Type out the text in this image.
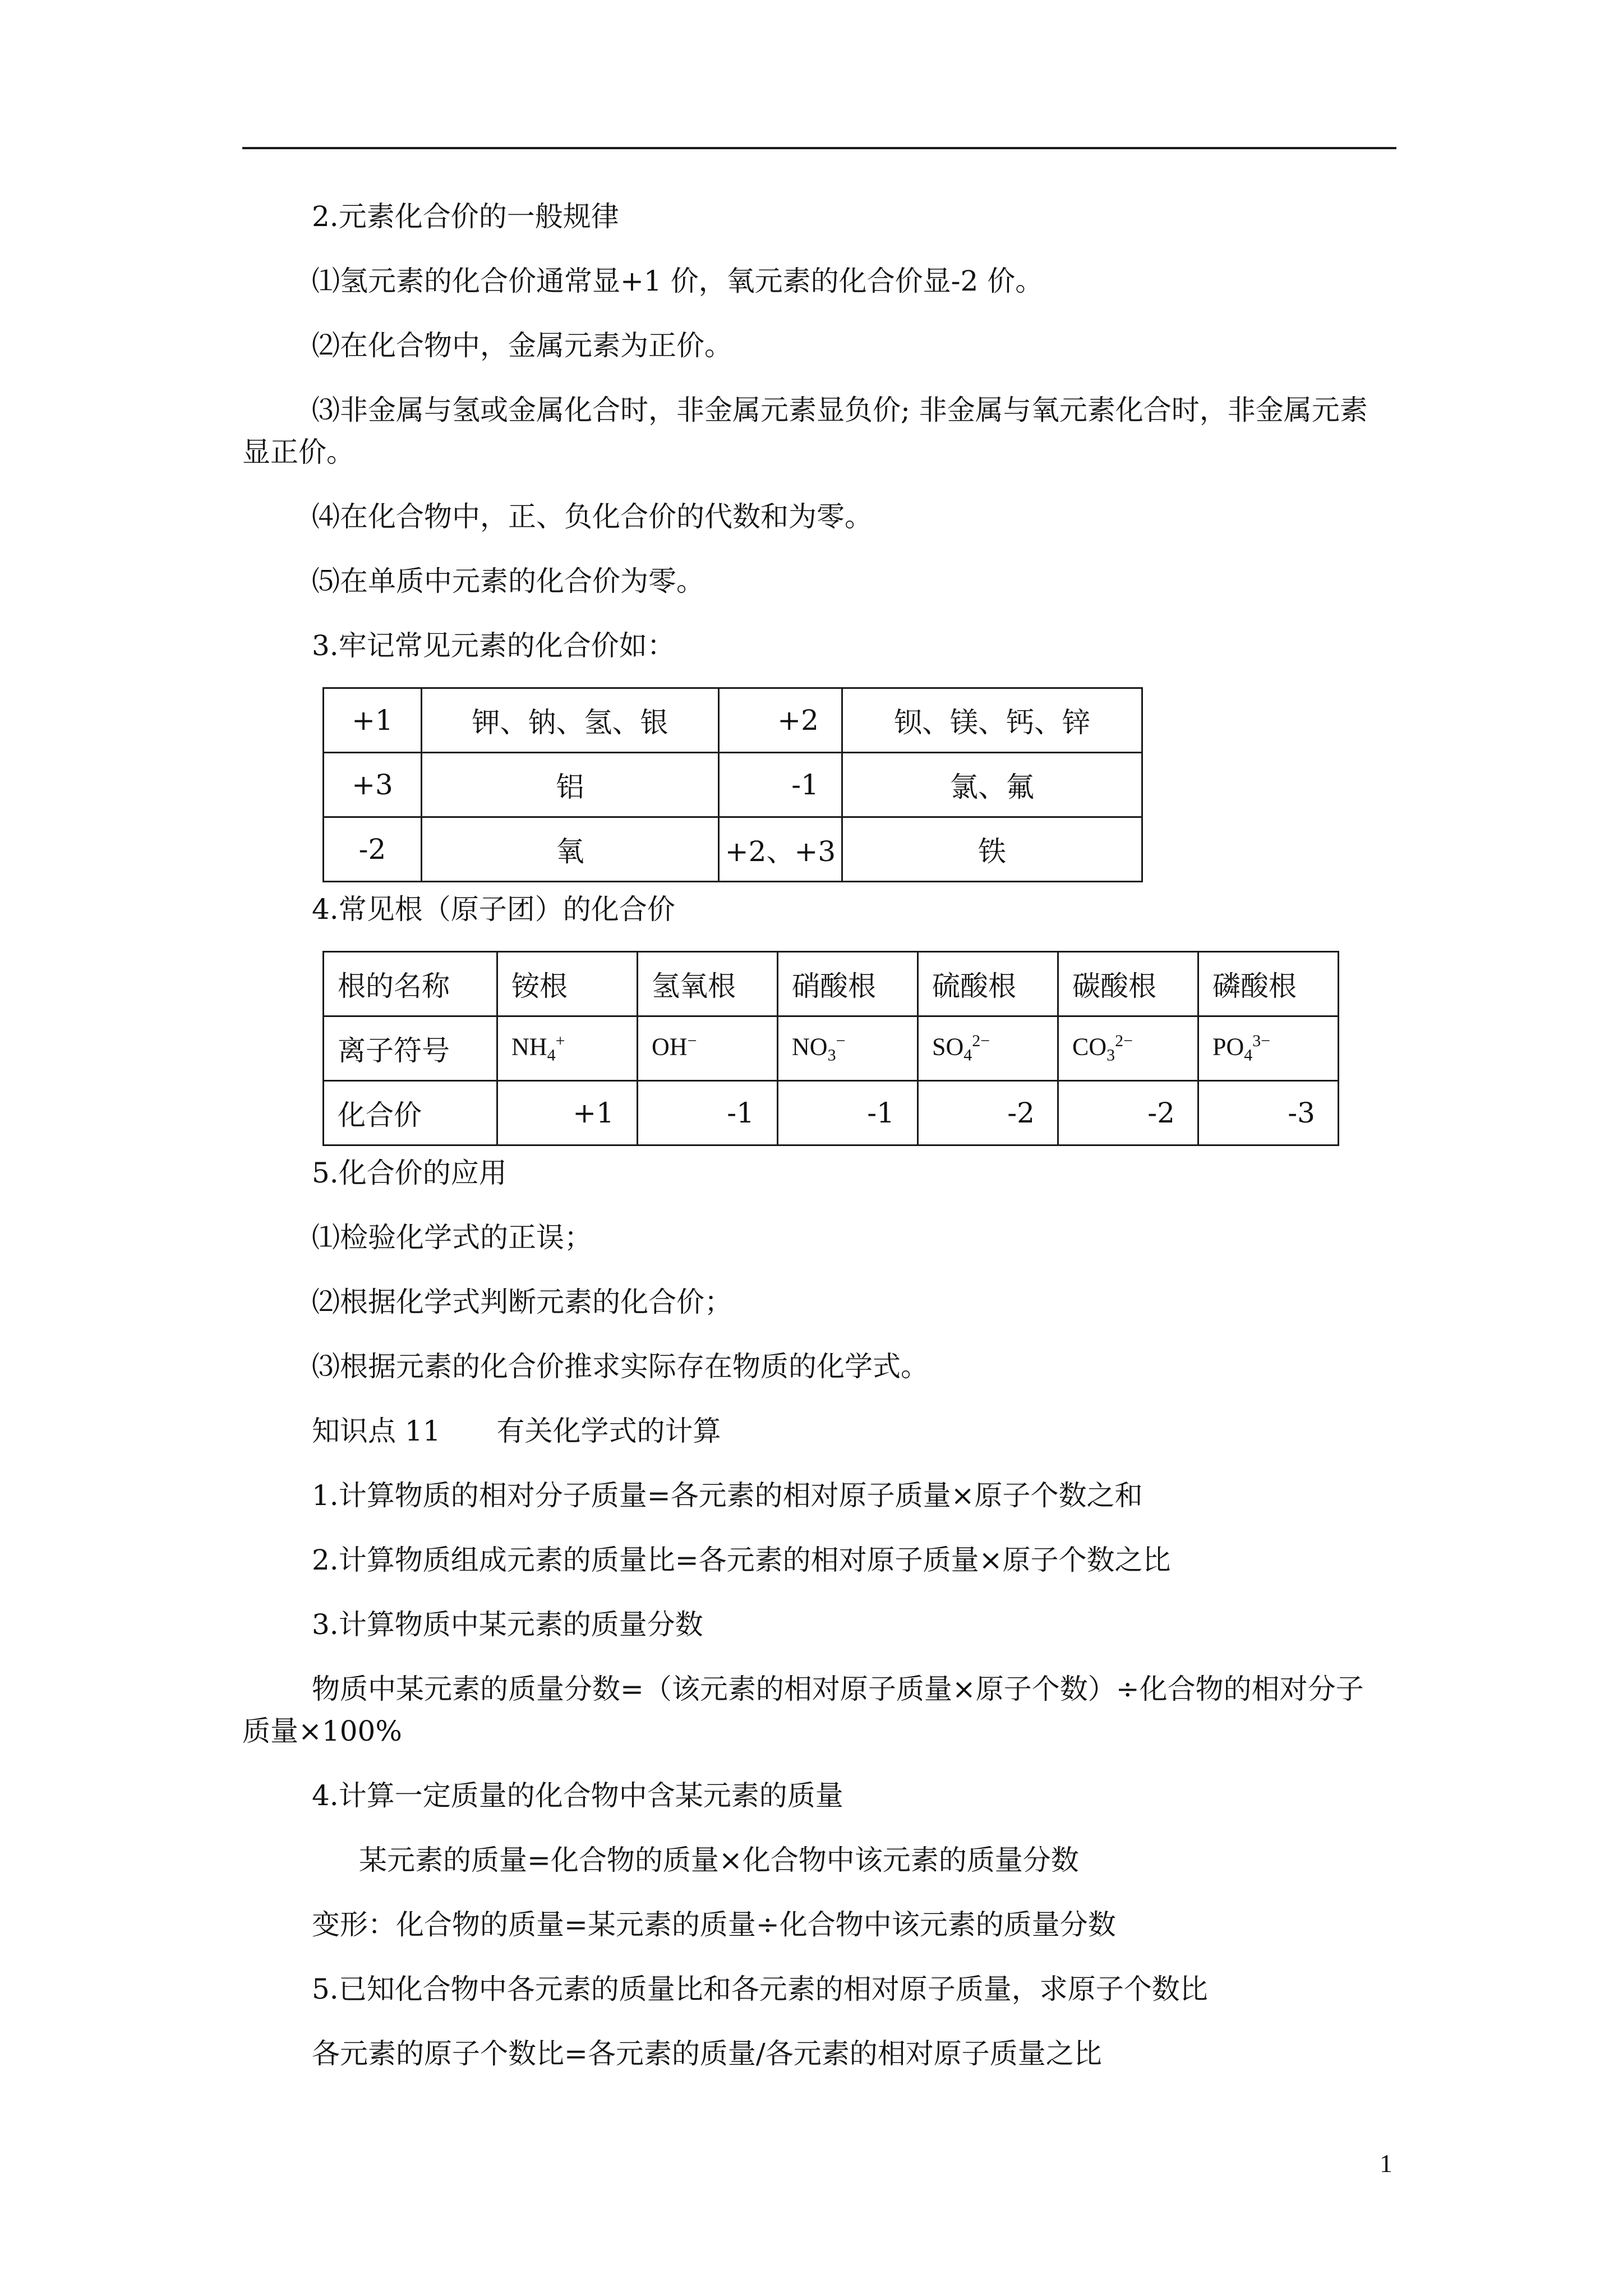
2.元素化合价的一般规律
⑴氢元素的化合价通常显+1 价，氧元素的化合价显-2 价。
⑵在化合物中，金属元素为正价。
⑶非金属与氢或金属化合时，非金属元素显负价; 非金属与氧元素化合时，非金属元素
显正价。
⑷在化合物中，正、负化合价的代数和为零。
⑸在单质中元素的化合价为零。
3.牢记常见元素的化合价如：
+1	钾、钠、氢、银	+2	钡、镁、钙、锌
+3	铝	-1	氯、氟
-2	氧	+2、+3	铁
4.常见根（原子团）的化合价
根的名称	铵根	氢氧根	硝酸根	硫酸根	碳酸根	磷酸根
离子符号	$NH_4^+$	OH−	$NO_3^-$	$SO_4^{2-}$	$CO_3^{2-}$	$PO_4^{3-}$
化合价	+1	-1	-1	-2	-2	-3
5.化合价的应用
⑴检验化学式的正误；
⑵根据化学式判断元素的化合价；
⑶根据元素的化合价推求实际存在物质的化学式。
知识点 11　　有关化学式的计算
1.计算物质的相对分子质量=各元素的相对原子质量×原子个数之和
2.计算物质组成元素的质量比=各元素的相对原子质量×原子个数之比
3.计算物质中某元素的质量分数
物质中某元素的质量分数=（该元素的相对原子质量×原子个数）÷化合物的相对分子
质量×100%
4.计算一定质量的化合物中含某元素的质量
某元素的质量=化合物的质量×化合物中该元素的质量分数
变形：化合物的质量=某元素的质量÷化合物中该元素的质量分数
5.已知化合物中各元素的质量比和各元素的相对原子质量，求原子个数比
各元素的原子个数比=各元素的质量/各元素的相对原子质量之比
1
